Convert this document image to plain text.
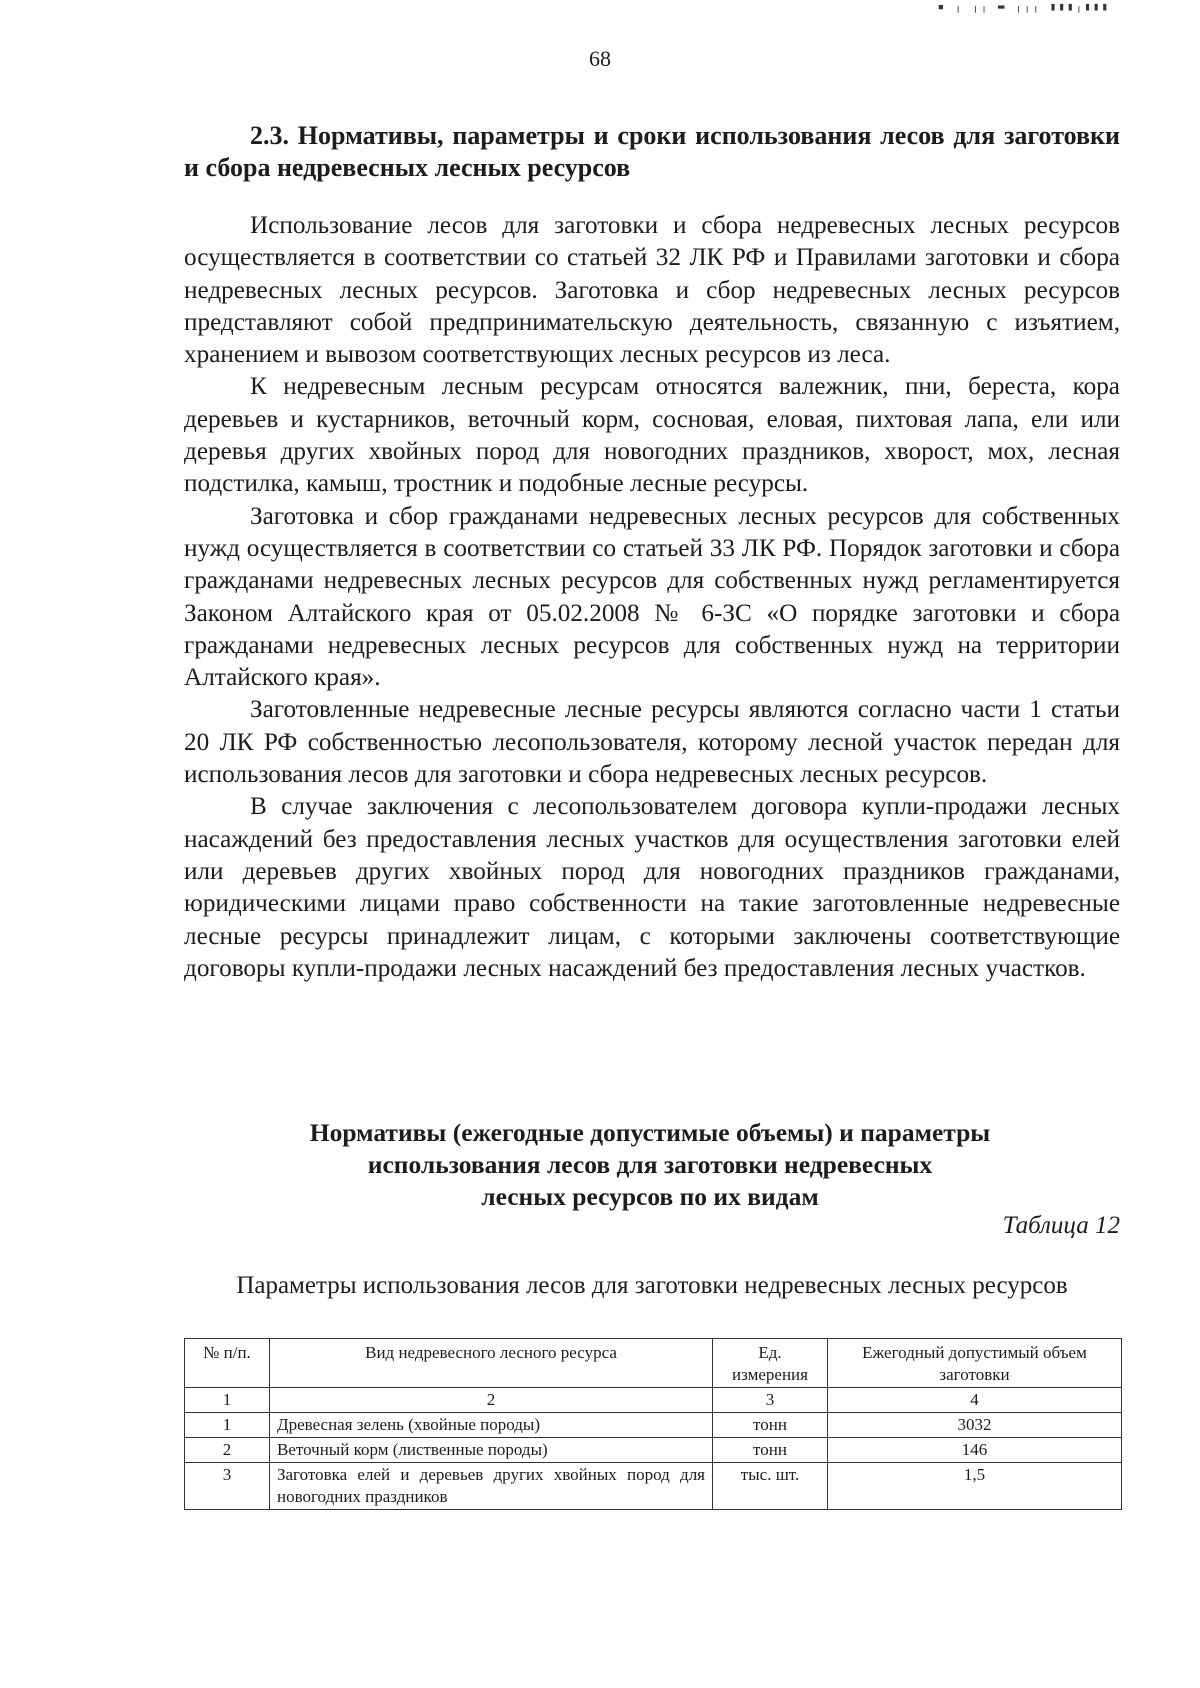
▪ ╷ ╷╷ ▬ ╷╷╷ ▮▮▮╷▮▮▮
68
2.3. Нормативы, параметры и сроки использования лесов для заготовки и сбора недревесных лесных ресурсов

Использование лесов для заготовки и сбора недревесных лесных ресурсов осуществляется в соответствии со статьей 32 ЛК РФ и Правилами заготовки и сбора недревесных лесных ресурсов. Заготовка и сбор недревесных лесных ресурсов представляют собой предпринимательскую деятельность, связанную с изъятием, хранением и вывозом соответствующих лесных ресурсов из леса.

К недревесным лесным ресурсам относятся валежник, пни, береста, кора деревьев и кустарников, веточный корм, сосновая, еловая, пихтовая лапа, ели или деревья других хвойных пород для новогодних праздников, хворост, мох, лесная подстилка, камыш, тростник и подобные лесные ресурсы.

Заготовка и сбор гражданами недревесных лесных ресурсов для собственных нужд осуществляется в соответствии со статьей 33 ЛК РФ. Порядок заготовки и сбора гражданами недревесных лесных ресурсов для собственных нужд регламентируется Законом Алтайского края от 05.02.2008 № 6-ЗС «О порядке заготовки и сбора гражданами недревесных лесных ресурсов для собственных нужд на территории Алтайского края».

Заготовленные недревесные лесные ресурсы являются согласно части 1 статьи 20 ЛК РФ собственностью лесопользователя, которому лесной участок передан для использования лесов для заготовки и сбора недревесных лесных ресурсов.

В случае заключения с лесопользователем договора купли-продажи лесных насаждений без предоставления лесных участков для осуществления заготовки елей или деревьев других хвойных пород для новогодних праздников гражданами, юридическими лицами право собственности на такие заготовленные недревесные лесные ресурсы принадлежит лицам, с которыми заключены соответствующие договоры купли-продажи лесных насаждений без предоставления лесных участков.

Нормативы (ежегодные допустимые объемы) и параметры
использования лесов для заготовки недревесных
лесных ресурсов по их видам
Таблица 12
Параметры использования лесов для заготовки недревесных лесных ресурсов
№ п/п.	Вид недревесного лесного ресурса	Ед. измерения	Ежегодный допустимый объем заготовки
1	2	3	4
1	Древесная зелень (хвойные породы)	тонн	3032
2	Веточный корм (лиственные породы)	тонн	146
3	Заготовка елей и деревьев других хвойных пород для новогодних праздников	тыс. шт.	1,5
